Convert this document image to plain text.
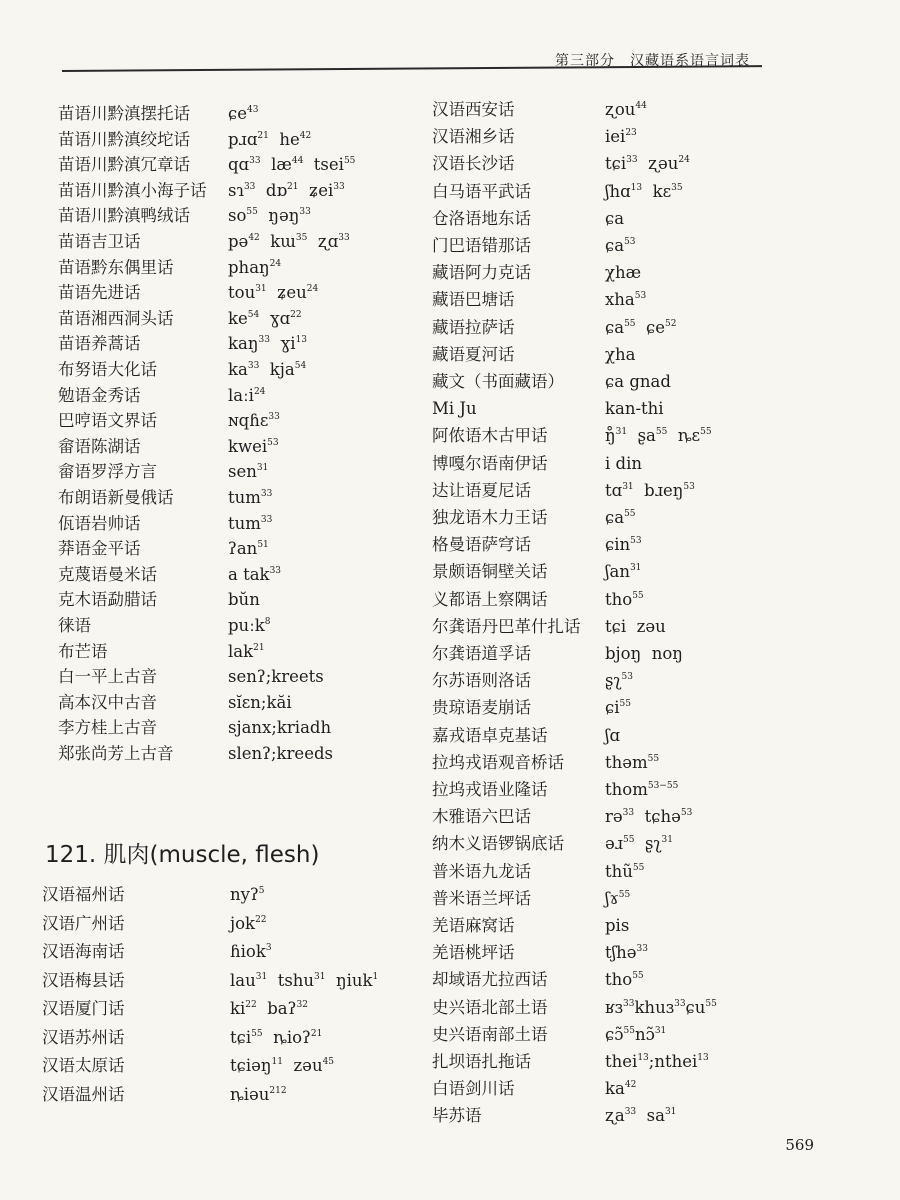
第三部分　汉藏语系语言词表
苗语川黔滇摆托话 ɕe$^{43}$
苗语川黔滇绞坨话 pɹɑ$^{21}$  $he^{42}$
苗语川黔滇冗章话 qɑ$^{33}$  $læ^{44}$  tsei$^{55}$
苗语川黔滇小海子话 sɿ$^{33}$  dɒ$^{21}$  ʑei$^{33}$
苗语川黔滇鸭绒话 $so^{55}$  ŋəŋ$^{33}$
苗语吉卫话	pə$^{42}$  kɯ$^{35}$  ʐɑ$^{33}$
苗语黔东偶里话	phaŋ$^{24}$
苗语先进话	tou$^{31}$  ʑeu$^{24}$
苗语湘西洞头话	$ke^{54}$  ɣɑ$^{22}$
苗语养蒿话	kaŋ$^{33}$  ɣi$^{13}$
布努语大化话	$ka^{33}$  kja$^{54}$
勉语金秀话	laːi$^{24}$
巴哼语文界话	ɴqɦɛ$^{33}$
畲语陈湖话	kwei$^{53}$
畲语罗浮方言	sen$^{31}$
布朗语新曼俄话	tum$^{33}$
佤语岩帅话	tum$^{33}$
莽语金平话	ʔan$^{51}$
克蔑语曼米话	a tak$^{33}$
克木语勐腊话	bŭn
徕语	puːk$^8$
布芒语	lak$^{21}$
白一平上古音	senʔ;kreets
高本汉中古音	sĭɛn;kăi
李方桂上古音	sjanx;kriadh
郑张尚芳上古音	slenʔ;kreeds
121. 肌肉(muscle, flesh)
汉语福州话	nyʔ$^5$
汉语广州话	jok$^{22}$
汉语海南话	ɦiok$^3$
汉语梅县话	lau$^{31}$  tshu$^{31}$  ŋiuk$^1$
汉语厦门话	$ki^{22}$  baʔ$^{32}$
汉语苏州话	tɕi$^{55}$  ȵioʔ$^{21}$
汉语太原话	tɕiəŋ$^{11}$  zəu$^{45}$
汉语温州话	ȵiəu$^{212}$
汉语西安话	ʐou$^{44}$
汉语湘乡话	iei$^{23}$
汉语长沙话	tɕi$^{33}$  ʐəu$^{24}$
白马语平武话	ʃhɑ$^{13}$  kɛ$^{35}$
仓洛语地东话	ɕa
门巴语错那话	ɕa$^{53}$
藏语阿力克话	χhæ
藏语巴塘话	xha$^{53}$
藏语拉萨话	ɕa$^{55}$  ɕe$^{52}$
藏语夏河话	χha
藏文（书面藏语） ɕa gnad
Mi Ju	kan-thi
阿侬语木古甲话	ŋ̊$^{31}$  ʂa$^{55}$  ȵɛ$^{55}$
博嘎尔语南伊话	i din
达让语夏尼话	tɑ$^{31}$  bɹeŋ$^{53}$
独龙语木力王话	ɕa$^{55}$
格曼语萨穹话	ɕin$^{53}$
景颇语铜壁关话	ʃan$^{31}$
义都语上察隅话	tho$^{55}$
尔龚语丹巴革什扎话 tɕi  zəu
尔龚语道孚话	bjoŋ  noŋ
尔苏语则洛话	ʂʅ$^{53}$
贵琼语麦崩话	ɕi$^{55}$
嘉戎语卓克基话	ʃɑ
拉坞戎语观音桥话 thəm$^{55}$
拉坞戎语业隆话	thom$^{53-55}$
木雅语六巴话	rə$^{33}$  tɕhə$^{53}$
纳木义语锣锅底话 əɹ$^{55}$  ʂʅ$^{31}$
普米语九龙话	thũ$^{55}$
普米语兰坪话	ʃɤ$^{55}$
羌语麻窝话	pis
羌语桃坪话	tʃhə$^{33}$
却域语尤拉西话	tho$^{55}$
史兴语北部土语	ʁɜ$^{33}$khuɜ$^{33}$ɕu$^{55}$
史兴语南部土语	ɕɔ̃$^{55}$nɔ̃$^{31}$
扎坝语扎拖话	thei$^{13}$;nthei$^{13}$
白语剑川话	$ka^{42}$
毕苏语	ʐa$^{33}$  $sa^{31}$
569
